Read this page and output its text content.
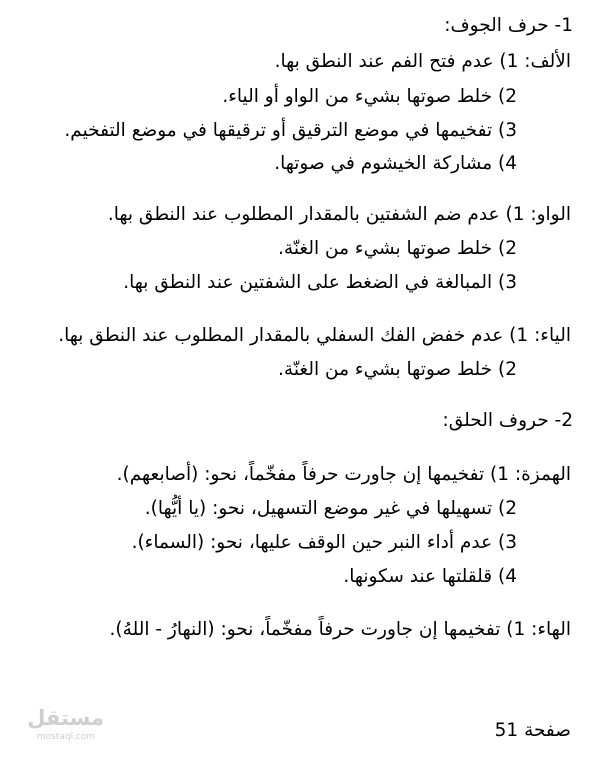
1- حرف الجوف:
الألف: 1) عدم فتح الفم عند النطق بها.
2) خلط صوتها بشيء من الواو أو الياء.
3) تفخيمها في موضع الترقيق أو ترقيقها في موضع التفخيم.
4) مشاركة الخيشوم في صوتها.
الواو: 1) عدم ضم الشفتين بالمقدار المطلوب عند النطق بها.
2) خلط صوتها بشيء من الغنّة.
3) المبالغة في الضغط على الشفتين عند النطق بها.
الياء: 1) عدم خفض الفك السفلي بالمقدار المطلوب عند النطق بها.
2) خلط صوتها بشيء من الغنّة.
2- حروف الحلق:
الهمزة: 1) تفخيمها إن جاورت حرفاً مفخّماً، نحو: (أصابعهم).
2) تسهيلها في غير موضع التسهيل، نحو: (يا أيُّها).
3) عدم أداء النبر حين الوقف عليها، نحو: (السماء).
4) قلقلتها عند سكونها.
الهاء: 1) تفخيمها إن جاورت حرفاً مفخّماً، نحو: (النهارُ - اللهُ).
مستقل
mostaql.com	صفحة 51
